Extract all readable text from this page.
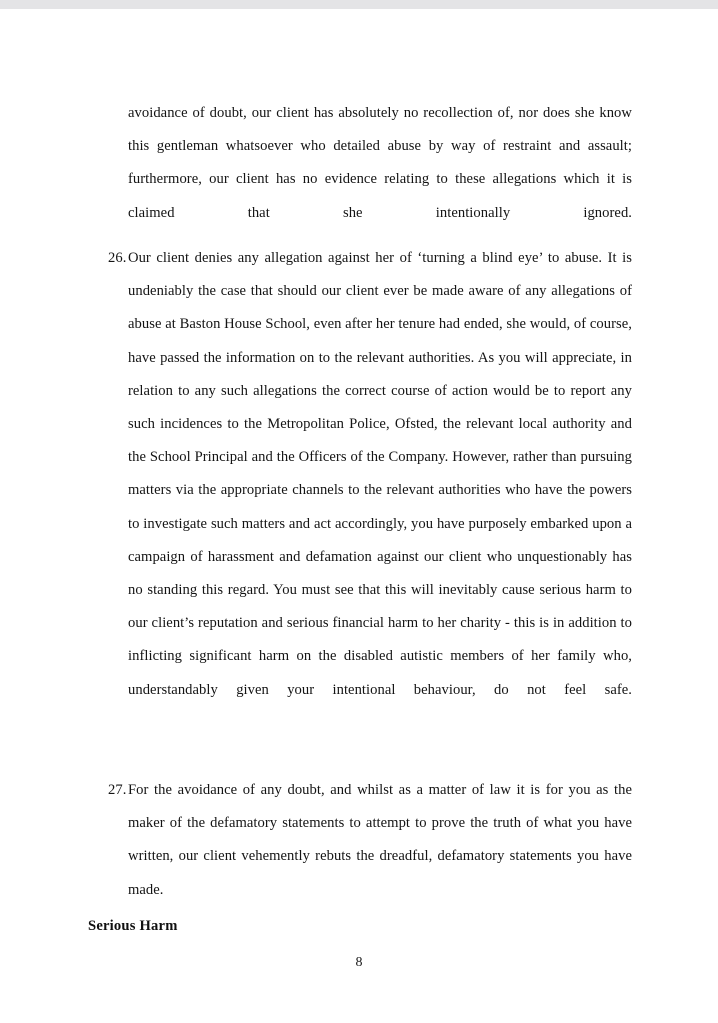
avoidance of doubt, our client has absolutely no recollection of, nor does she know this gentleman whatsoever who detailed abuse by way of restraint and assault; furthermore, our client has no evidence relating to these allegations which it is claimed that she intentionally ignored.
26. Our client denies any allegation against her of ‘turning a blind eye’ to abuse. It is undeniably the case that should our client ever be made aware of any allegations of abuse at Baston House School, even after her tenure had ended, she would, of course, have passed the information on to the relevant authorities. As you will appreciate, in relation to any such allegations the correct course of action would be to report any such incidences to the Metropolitan Police, Ofsted, the relevant local authority and the School Principal and the Officers of the Company. However, rather than pursuing matters via the appropriate channels to the relevant authorities who have the powers to investigate such matters and act accordingly, you have purposely embarked upon a campaign of harassment and defamation against our client who unquestionably has no standing this regard. You must see that this will inevitably cause serious harm to our client’s reputation and serious financial harm to her charity - this is in addition to inflicting significant harm on the disabled autistic members of her family who, understandably given your intentional behaviour, do not feel safe.
27. For the avoidance of any doubt, and whilst as a matter of law it is for you as the maker of the defamatory statements to attempt to prove the truth of what you have written, our client vehemently rebuts the dreadful, defamatory statements you have made.
Serious Harm
8
